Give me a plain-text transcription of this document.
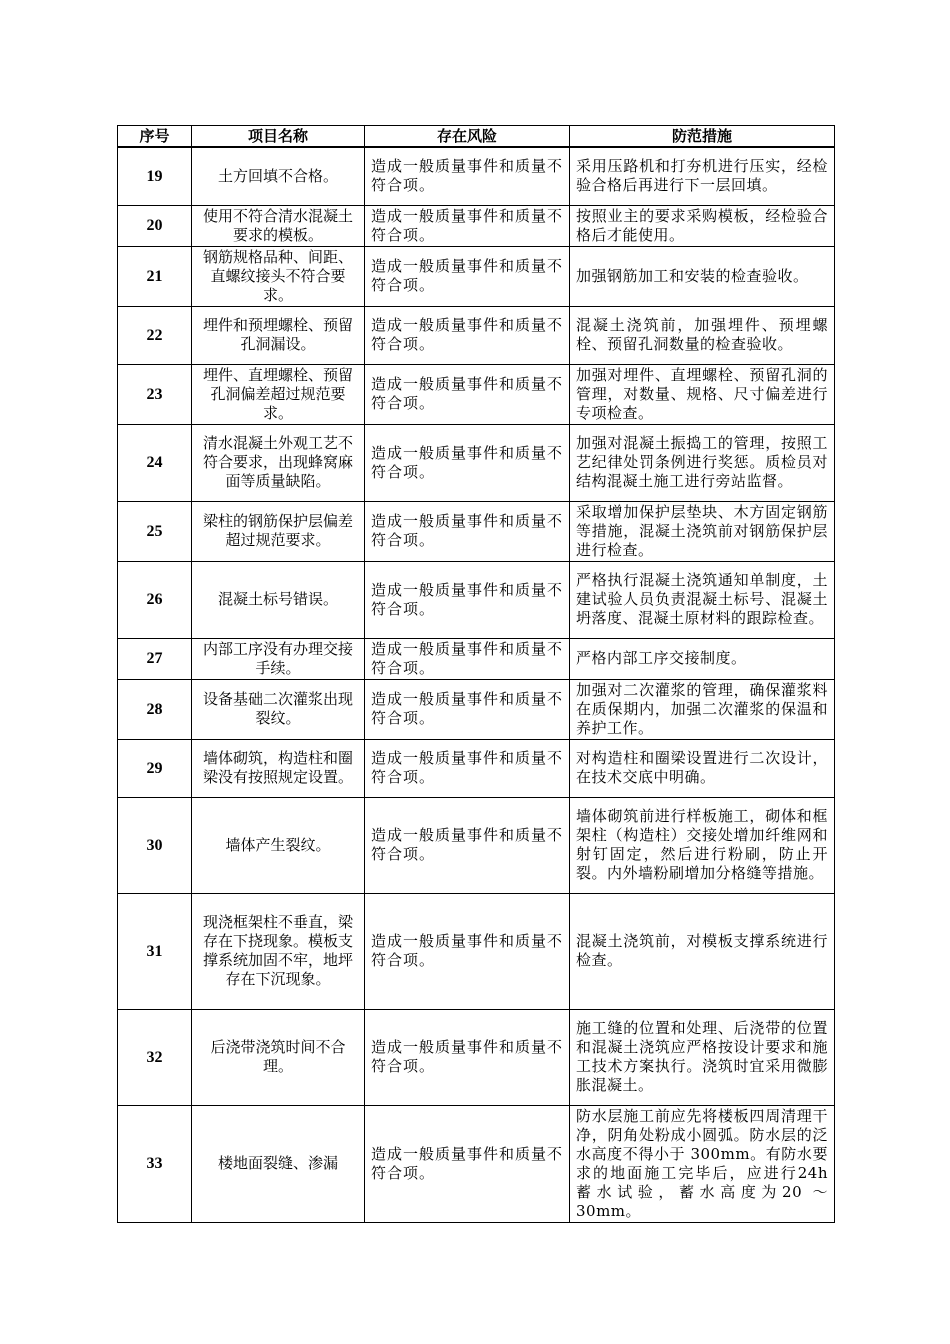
序号	项目名称	存在风险	防范措施
19	土方回填不合格。	造成一般质量事件和质量不符合项。	采用压路机和打夯机进行压实，经检验合格后再进行下一层回填。
20	使用不符合清水混凝土要求的模板。	造成一般质量事件和质量不符合项。	按照业主的要求采购模板，经检验合格后才能使用。
21	钢筋规格品种、间距、直螺纹接头不符合要求。	造成一般质量事件和质量不符合项。	加强钢筋加工和安装的检查验收。
22	埋件和预埋螺栓、预留孔洞漏设。	造成一般质量事件和质量不符合项。	混凝土浇筑前，加强埋件、预埋螺栓、预留孔洞数量的检查验收。
23	埋件、直埋螺栓、预留孔洞偏差超过规范要求。	造成一般质量事件和质量不符合项。	加强对埋件、直埋螺栓、预留孔洞的管理，对数量、规格、尺寸偏差进行专项检查。
24	清水混凝土外观工艺不符合要求，出现蜂窝麻面等质量缺陷。	造成一般质量事件和质量不符合项。	加强对混凝土振捣工的管理，按照工艺纪律处罚条例进行奖惩。质检员对结构混凝土施工进行旁站监督。
25	梁柱的钢筋保护层偏差超过规范要求。	造成一般质量事件和质量不符合项。	采取增加保护层垫块、木方固定钢筋等措施，混凝土浇筑前对钢筋保护层进行检查。
26	混凝土标号错误。	造成一般质量事件和质量不符合项。	严格执行混凝土浇筑通知单制度，土建试验人员负责混凝土标号、混凝土坍落度、混凝土原材料的跟踪检查。
27	内部工序没有办理交接手续。	造成一般质量事件和质量不符合项。	严格内部工序交接制度。
28	设备基础二次灌浆出现裂纹。	造成一般质量事件和质量不符合项。	加强对二次灌浆的管理，确保灌浆料在质保期内，加强二次灌浆的保温和养护工作。
29	墙体砌筑，构造柱和圈梁没有按照规定设置。	造成一般质量事件和质量不符合项。	对构造柱和圈梁设置进行二次设计，在技术交底中明确。
30	墙体产生裂纹。	造成一般质量事件和质量不符合项。	墙体砌筑前进行样板施工，砌体和框架柱（构造柱）交接处增加纤维网和射钉固定，然后进行粉刷，防止开裂。内外墙粉刷增加分格缝等措施。
31	现浇框架柱不垂直，梁存在下挠现象。模板支撑系统加固不牢，地坪存在下沉现象。	造成一般质量事件和质量不符合项。	混凝土浇筑前，对模板支撑系统进行检查。
32	后浇带浇筑时间不合理。	造成一般质量事件和质量不符合项。	施工缝的位置和处理、后浇带的位置和混凝土浇筑应严格按设计要求和施工技术方案执行。浇筑时宜采用微膨胀混凝土。
33	楼地面裂缝、渗漏	造成一般质量事件和质量不符合项。	防水层施工前应先将楼板四周清理干净，阴角处粉成小圆弧。防水层的泛水高度不得小于 300mm。有防水要求的地面施工完毕后，应进行24h 蓄水试验，蓄水高度为20 ～30mm。
